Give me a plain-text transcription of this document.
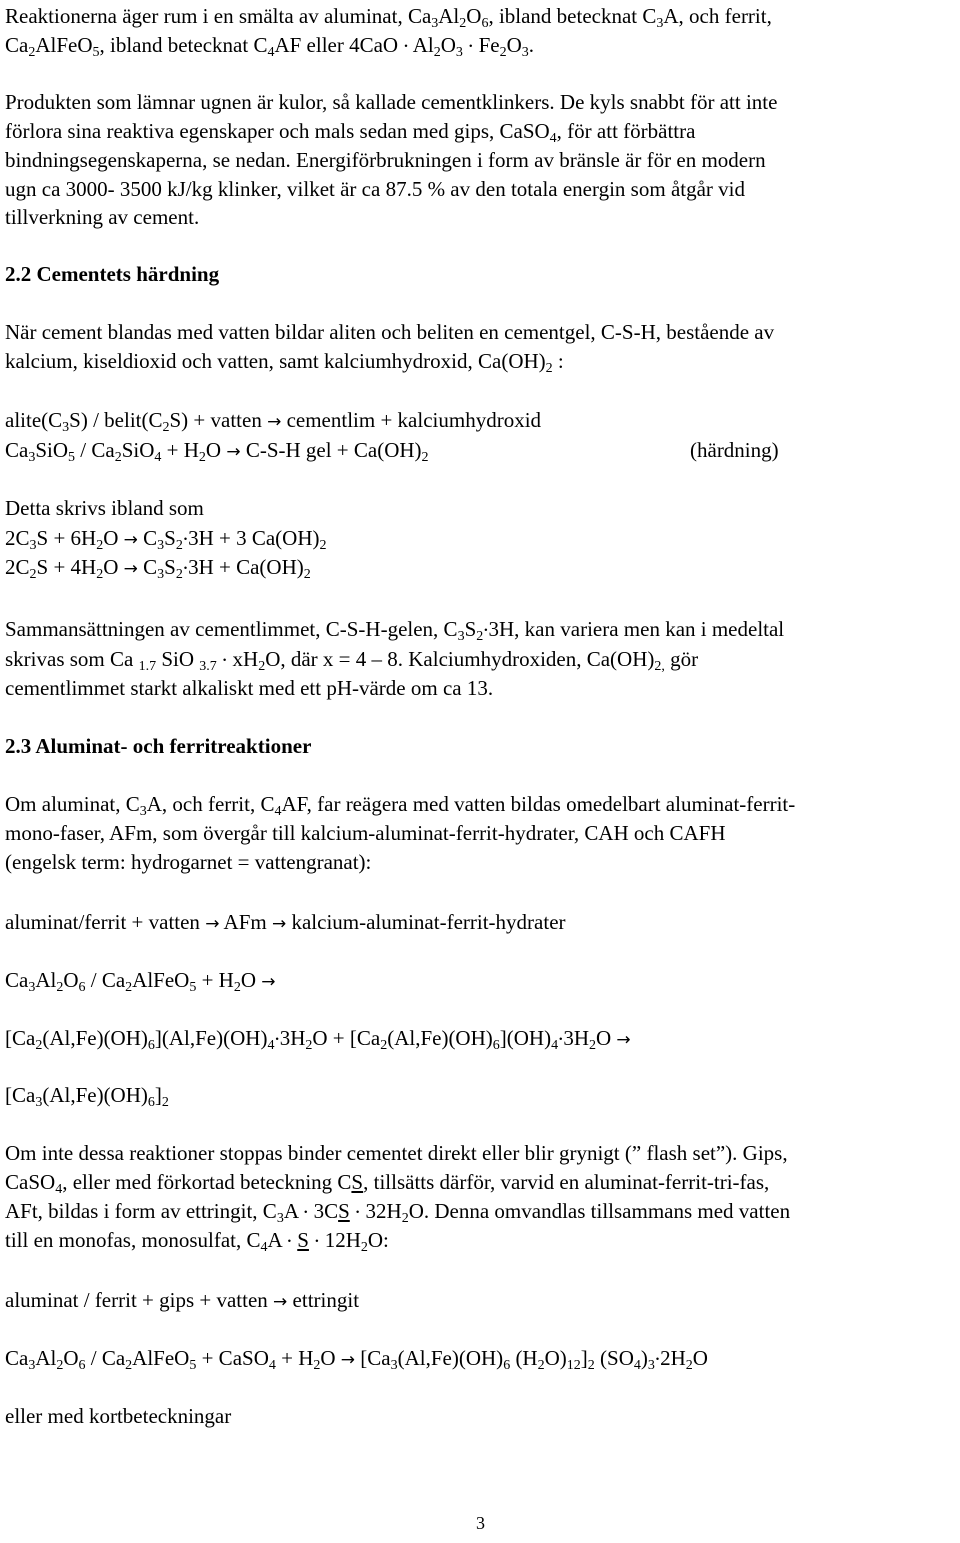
Reaktionerna äger rum i en smälta av aluminat, Ca3Al2O6, ibland betecknat C3A, och ferrit,
Ca2AlFeO5, ibland betecknat C4AF eller 4CaO . Al2O3 . Fe2O3.
Produkten som lämnar ugnen är kulor, så kallade cementklinkers. De kyls snabbt för att inte
förlora sina reaktiva egenskaper och mals sedan med gips, CaSO4, för att förbättra
bindningsegenskaperna, se nedan. Energiförbrukningen i form av bränsle är för en modern
ugn ca 3000- 3500 kJ/kg klinker, vilket är ca 87.5 % av den totala energin som åtgår vid
tillverkning av cement.
2.2 Cementets härdning
När cement blandas med vatten bildar aliten och beliten en cementgel, C-S-H, bestående av
kalcium, kiseldioxid och vatten, samt kalciumhydroxid, Ca(OH)2 :
alite(C3S) / belit(C2S) + vatten → cementlim + kalciumhydroxid
Ca3SiO5 / Ca2SiO4 + H2O → C-S-H gel + Ca(OH)2	(härdning)
Detta skrivs ibland som
2C3S + 6H2O → C3S2.3H + 3 Ca(OH)2
2C2S + 4H2O → C3S2.3H + Ca(OH)2
Sammansättningen av cementlimmet, C-S-H-gelen, C3S2.3H, kan variera men kan i medeltal
skrivas som Ca 1.7 SiO 3.7 . xH2O, där x = 4 – 8. Kalciumhydroxiden, Ca(OH)2, gör
cementlimmet starkt alkaliskt med ett pH-värde om ca 13.
2.3 Aluminat- och ferritreaktioner
Om aluminat, C3A, och ferrit, C4AF, far reägera med vatten bildas omedelbart aluminat-ferrit-
mono-faser, AFm, som övergår till kalcium-aluminat-ferrit-hydrater, CAH och CAFH
(engelsk term: hydrogarnet = vattengranat):
aluminat/ferrit + vatten → AFm → kalcium-aluminat-ferrit-hydrater
Ca3Al2O6 / Ca2AlFeO5 + H2O →
[Ca2(Al,Fe)(OH)6](Al,Fe)(OH)4.3H2O + [Ca2(Al,Fe)(OH)6](OH)4.3H2O →
[Ca3(Al,Fe)(OH)6]2
Om inte dessa reaktioner stoppas binder cementet direkt eller blir grynigt (” flash set”). Gips,
CaSO4, eller med förkortad beteckning CS, tillsätts därför, varvid en aluminat-ferrit-tri-fas,
AFt, bildas i form av ettringit, C3A . 3CS . 32H2O. Denna omvandlas tillsammans med vatten
till en monofas, monosulfat, C4A . S . 12H2O:
aluminat / ferrit + gips + vatten → ettringit
Ca3Al2O6 / Ca2AlFeO5 + CaSO4 + H2O → [Ca3(Al,Fe)(OH)6 (H2O)12]2 (SO4)3.2H2O
eller med kortbeteckningar
3
